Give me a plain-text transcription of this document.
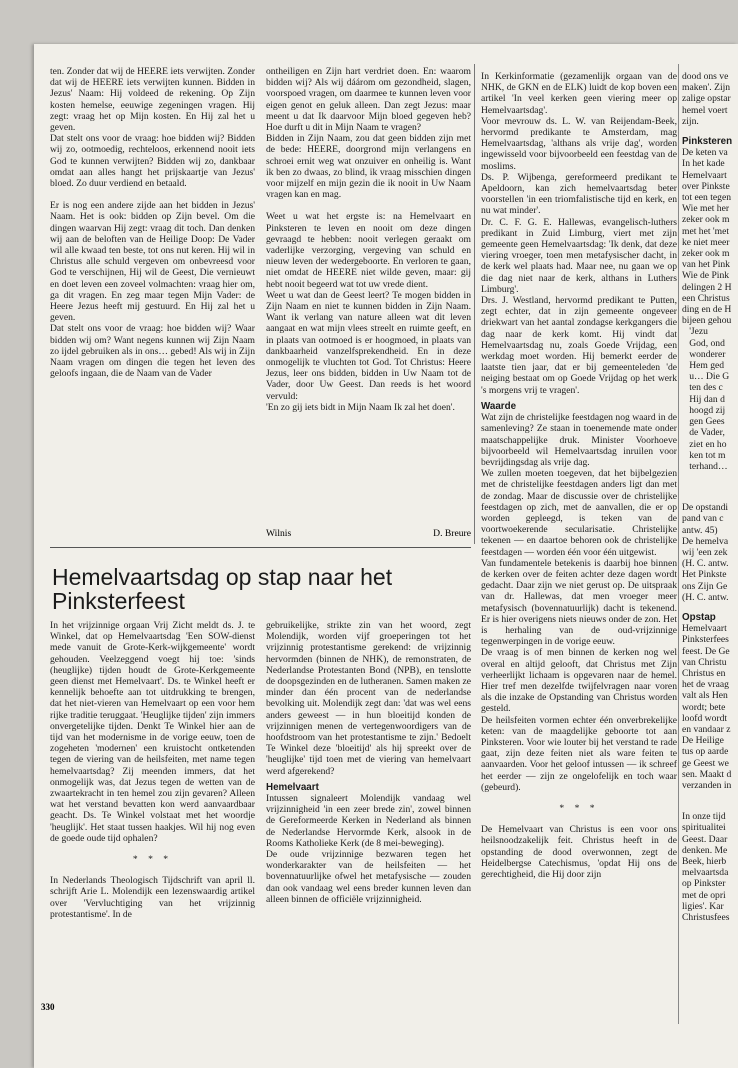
ten. Zonder dat wij de HEERE iets verwijten. Zonder dat wij de HEERE iets verwijten kunnen. Bidden in Jezus' Naam: Hij voldeed de rekening. Op Zijn kosten hemelse, eeuwige zegeningen vragen. Hij zegt: vraag het op Mijn kosten. En Hij zal het u geven.

Dat stelt ons voor de vraag: hoe bidden wij? Bidden wij zo, ootmoedig, rechteloos, erkennend nooit iets God te kunnen verwijten? Bidden wij zo, dankbaar omdat aan alles hangt het prijskaartje van Jezus' bloed. Zo duur verdiend en betaald.

Er is nog een andere zijde aan het bidden in Jezus' Naam. Het is ook: bidden op Zijn bevel. Om die dingen waarvan Hij zegt: vraag dit toch. Dan denken wij aan de beloften van de Heilige Doop: De Vader wil alle kwaad ten beste, tot ons nut keren. Hij wil in Christus alle schuld vergeven om onbevreesd voor God te verschijnen, Hij wil de Geest, Die vernieuwt en doet leven een zoveel volmachten: vraag hier om, ga dit vragen. En zeg maar tegen Mijn Vader: de Heere Jezus heeft mij gestuurd. En Hij zal het u geven.

Dat stelt ons voor de vraag: hoe bidden wij? Waar bidden wij om? Want negens kunnen wij Zijn Naam zo ijdel gebruiken als in ons… gebed! Als wij in Zijn Naam vragen om dingen die tegen het leven des geloofs ingaan, die de Naam van de Vader

ontheiligen en Zijn hart verdriet doen. En: waarom bidden wij? Als wij dáárom om gezondheid, slagen, voorspoed vragen, om daarmee te kunnen leven voor eigen genot en geluk alleen. Dan zegt Jezus: maar meent u dat Ik daarvoor Mijn bloed gegeven heb? Hoe durft u dit in Mijn Naam te vragen?

Bidden in Zijn Naam, zou dat geen bidden zijn met de bede: HEERE, doorgrond mijn verlangens en schroei ernit weg wat onzuiver en onheilig is. Want ik ben zo dwaas, zo blind, ik vraag misschien dingen voor mijzelf en mijn gezin die ik nooit in Uw Naam vragen kan en mag.

Weet u wat het ergste is: na Hemelvaart en Pinksteren te leven en nooit om deze dingen gevraagd te hebben: nooit verlegen geraakt om vaderlijke verzorging, vergeving van schuld en nieuw leven der wedergeboorte. En verloren te gaan, niet omdat de HEERE niet wilde geven, maar: gij hebt nooit begeerd wat tot uw vrede dient.

Weet u wat dan de Geest leert? Te mogen bidden in Zijn Naam en niet te kunnen bidden in Zijn Naam. Want ik verlang van nature alleen wat dit leven aangaat en wat mijn vlees streelt en ruimte geeft, en in plaats van ootmoed is er hoogmoed, in plaats van dankbaarheid vanzelfsprekendheid. En in deze onmogelijk te vluchten tot God. Tot Christus: Heere Jezus, leer ons bidden, bidden in Uw Naam tot de Vader, door Uw Geest. Dan reeds is het woord vervuld:

'En zo gij iets bidt in Mijn Naam Ik zal het doen'.

Wilnis	D. Breure
Hemelvaartsdag op stap naar het Pinksterfeest

In het vrijzinnige orgaan Vrij Zicht meldt ds. J. te Winkel, dat op Hemelvaartsdag 'Een SOW-dienst mede vanuit de Grote-Kerk-wijkgemeente' wordt gehouden. Veelzeggend voegt hij toe: 'sinds (heuglijke) tijden houdt de Grote-Kerkgemeente geen dienst met Hemelvaart'. Ds. te Winkel heeft er kennelijk behoefte aan tot uitdrukking te brengen, dat het niet-vieren van Hemelvaart op een voor hem rijke traditie teruggaat. 'Heuglijke tijden' zijn immers onvergetelijke tijden. Denkt Te Winkel hier aan de tijd van het modernisme in de vorige eeuw, toen de zogeheten 'modernen' een kruistocht ontketenden tegen de viering van de heilsfeiten, met name tegen hemelvaartsdag? Zij meenden immers, dat het onmogelijk was, dat Jezus tegen de wetten van de zwaartekracht in ten hemel zou zijn gevaren? Alleen wat het verstand bevatten kon werd aanvaardbaar geacht. Ds. Te Winkel volstaat met het woordje 'heuglijk'. Het staat tussen haakjes. Wil hij nog even de goede oude tijd ophalen?

* * *

In Nederlands Theologisch Tijdschrift van april ll. schrijft Arie L. Molendijk een lezenswaardig artikel over 'Vervluchtiging van het vrijzinnig protestantisme'. In de

gebruikelijke, strikte zin van het woord, zegt Molendijk, worden vijf groeperingen tot het vrijzinnig protestantisme gerekend: de vrijzinnig hervormden (binnen de NHK), de remonstraten, de Nederlandse Protestanten Bond (NPB), en tenslotte de doopsgezinden en de lutheranen. Samen maken ze minder dan één procent van de nederlandse bevolking uit. Molendijk zegt dan: 'dat was wel eens anders geweest — in hun bloeitijd konden de vrijzinnigen menen de vertegenwoordigers van de hoofdstroom van het protestantisme te zijn.' Bedoelt Te Winkel deze 'bloeitijd' als hij spreekt over de 'heuglijke' tijd toen met de viering van hemelvaart werd afgerekend?

Hemelvaart

Intussen signaleert Molendijk vandaag wel vrijzinnigheid 'in een zeer brede zin', zowel binnen de Gereformeerde Kerken in Nederland als binnen de Nederlandse Hervormde Kerk, alsook in de Rooms Katholieke Kerk (de 8 mei-beweging).

De oude vrijzinnige bezwaren tegen het wonderkarakter van de heilsfeiten — het bovennatuurlijke ofwel het metafysische — zouden dan ook vandaag wel eens breder kunnen leven dan alleen binnen de officiële vrijzinnigheid.

In Kerkinformatie (gezamenlijk orgaan van de NHK, de GKN en de ELK) luidt de kop boven een artikel 'In veel kerken geen viering meer op Hemelvaartsdag'.

Voor mevrouw ds. L. W. van Reijendam-Beek, hervormd predikante te Amsterdam, mag Hemelvaartsdag, 'althans als vrije dag', worden ingewisseld voor bijvoorbeeld een feestdag van de moslims.

Ds. P. Wijbenga, gereformeerd predikant te Apeldoorn, kan zich hemelvaartsdag beter voorstellen 'in een triomfalistische tijd en kerk, en nu wat minder'.

Dr. C. F. G. E. Hallewas, evangelisch-luthers predikant in Zuid Limburg, viert met zijn gemeente geen Hemelvaartsdag: 'Ik denk, dat deze viering vroeger, toen men metafysischer dacht, in de kerk wel plaats had. Maar nee, nu gaan we op die dag niet naar de kerk, althans in Luthers Limburg'.

Drs. J. Westland, hervormd predikant te Putten, zegt echter, dat in zijn gemeente ongeveer driekwart van het aantal zondagse kerkgangers die dag naar de kerk komt. Hij vindt dat Hemelvaartsdag nu, zoals Goede Vrijdag, een werkdag moet worden. Hij bemerkt eerder de laatste tien jaar, dat er bij gemeenteleden 'de neiging bestaat om op Goede Vrijdag op het werk 's morgens vrij te vragen'.

Waarde

Wat zijn de christelijke feestdagen nog waard in de samenleving? Ze staan in toenemende mate onder maatschappelijke druk. Minister Voorhoeve bijvoorbeeld wil Hemelvaartsdag inruilen voor bevrijdingsdag als vrije dag.

We zullen moeten toegeven, dat het bijbelgezien met de christelijke feestdagen anders ligt dan met de zondag. Maar de discussie over de christelijke feestdagen op zich, met de aanvallen, die er op worden gepleegd, is teken van de voortwoekerende secularisatie. Christelijke tekenen — en daartoe behoren ook de christelijke feestdagen — worden één voor één uitgewist.

Van fundamentele betekenis is daarbij hoe binnen de kerken over de feiten achter deze dagen wordt gedacht. Daar zijn we niet gerust op. De uitspraak van dr. Hallewas, dat men vroeger meer metafysisch (bovennatuurlijk) dacht is tekenend. Er is hier overigens niets nieuws onder de zon. Het is herhaling van de oud-vrijzinnige tegenwerpingen in de vorige eeuw.

De vraag is of men binnen de kerken nog wel overal en altijd gelooft, dat Christus met Zijn verheerlijkt lichaam is opgevaren naar de hemel. Hier tref men dezelfde twijfelvragen naar voren als die inzake de Opstanding van Christus worden gesteld.

De heilsfeiten vormen echter één onverbrekelijke keten: van de maagdelijke geboorte tot aan Pinksteren. Voor wie louter bij het verstand te rade gaat, zijn deze feiten niet als ware feiten te aanvaarden. Voor het geloof intussen — ik schreef het eerder — zijn ze ongelofelijk en toch waar (gebeurd).

* * *

De Hemelvaart van Christus is een voor ons heilsnoodzakelijk feit. Christus heeft in de opstanding de dood overwonnen, zegt de Heidelbergse Catechismus, 'opdat Hij ons de gerechtigheid, die Hij door zijn

dood ons ve
maken'. Zijn
zalige opstar
hemel voert
zijn.
Pinksteren
De keten va
In het kade
Hemelvaart
over Pinkste
tot een tegen
Wie met her
zeker ook m
met het 'met
ke niet meer
zeker ook m
van het Pink
Wie de Pink
delingen 2 H
een Christus
ding en de H
bijeen gehou
'Jezu
God, ond
wonderer
Hem ged
u… Die G
ten des c
Hij dan d
hoogd zij
gen Gees
de Vader,
ziet en ho
ken tot m
terhand…
De opstandi
pand van c
antw. 45)
De hemelva
wij 'een zek
(H. C. antw.
Het Pinkste
ons Zijn Ge
(H. C. antw.
Opstap
Hemelvaart
Pinksterfees
feest. De Ge
van Christu
Christus en
het de vraag
valt als Hen
wordt; bete
loofd wordt
en vandaar z
De Heilige
tus op aarde
ge Geest we
sen. Maakt d
verzanden in
In onze tijd
spiritualitei
Geest. Daar
denken. Me
Beek, hierb
melvaartsda
op Pinkster
met de opri
ligies'. Kar
Christusfees
330
